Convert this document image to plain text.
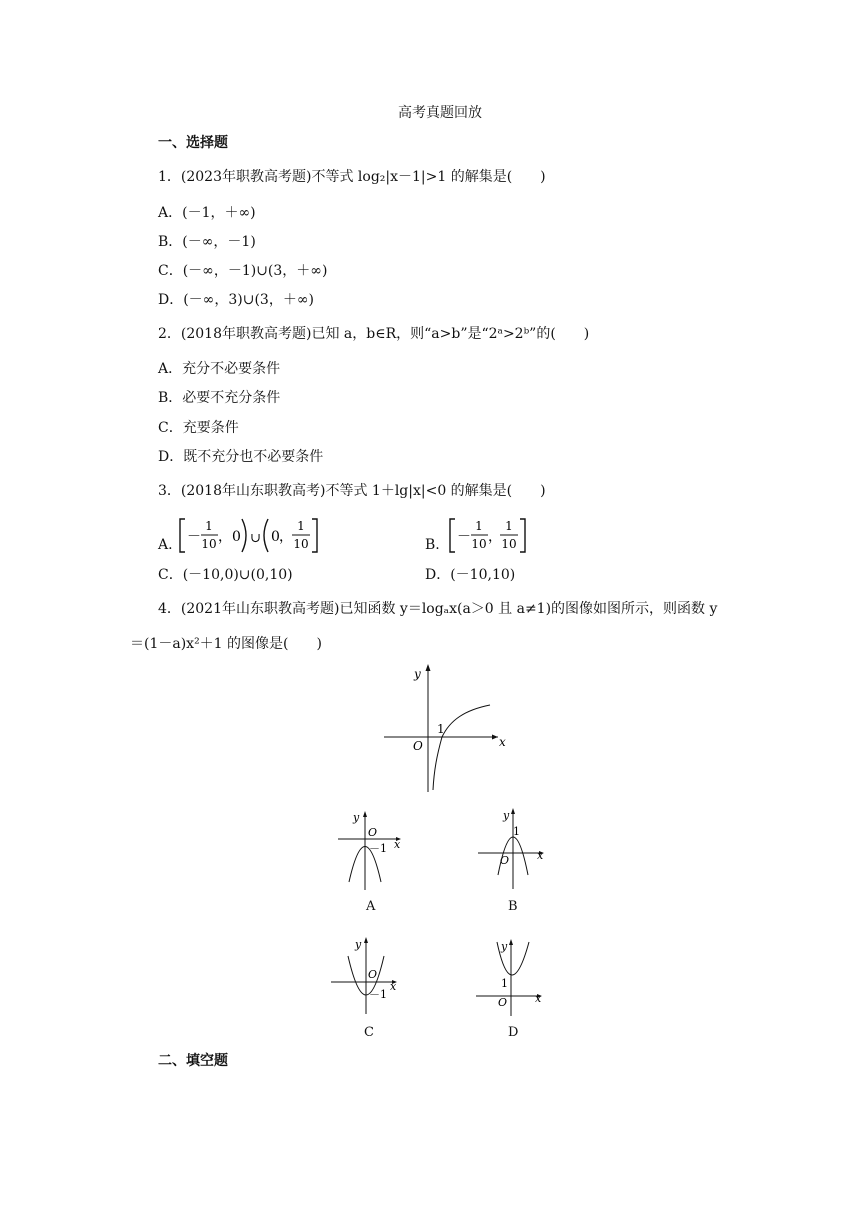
高考真题回放
一、选择题
1．(2023年职教高考题)不等式 log₂|x－1|>1 的解集是(　　)
A．(－1，＋∞)
B．(－∞，－1)
C．(－∞，－1)∪(3，＋∞)
D．(－∞，3)∪(3，＋∞)
2．(2018年职教高考题)已知 a，b∈R，则“a>b”是“2ᵃ>2ᵇ”的(　　)
A．充分不必要条件
B．必要不充分条件
C．充要条件
D．既不充分也不必要条件
3．(2018年山东职教高考)不等式 1＋lg|x|<0 的解集是(　　)
A. －
1
10 ， 0 ∪ 0 ，
1
10	B. －
1
10 ，
1
10
C．(－10,0)∪(0,10)	D．(－10,10)
4．(2021年山东职教高考题)已知函数 y＝logₐx(a＞0 且 a≠1)的图像如图所示，则函数 y
＝(1－a)x²＋1 的图像是(　　)
y
x
O
1
y
O
x
－1
A
y
1
O	x
B
y
O
x
－1
C
y
1
O	x
D
二、填空题
